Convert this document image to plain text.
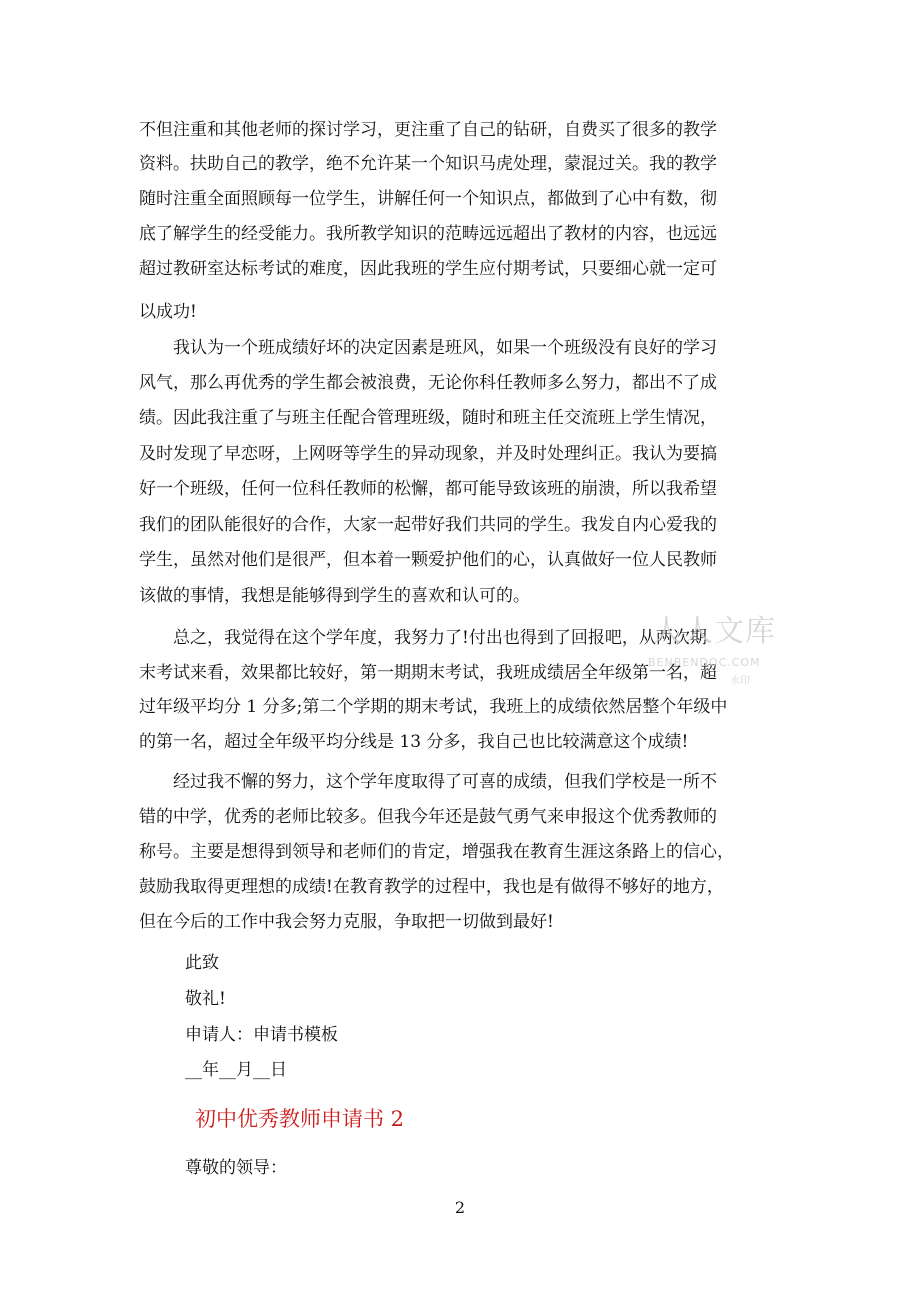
不但注重和其他老师的探讨学习，更注重了自己的钻研，自费买了很多的教学
资料。扶助自己的教学，绝不允许某一个知识马虎处理，蒙混过关。我的教学
随时注重全面照顾每一位学生，讲解任何一个知识点，都做到了心中有数，彻
底了解学生的经受能力。我所教学知识的范畴远远超出了教材的内容，也远远
超过教研室达标考试的难度，因此我班的学生应付期考试，只要细心就一定可
以成功!
　　我认为一个班成绩好坏的决定因素是班风，如果一个班级没有良好的学习
风气，那么再优秀的学生都会被浪费，无论你科任教师多么努力，都出不了成
绩。因此我注重了与班主任配合管理班级，随时和班主任交流班上学生情况，
及时发现了早恋呀，上网呀等学生的异动现象，并及时处理纠正。我认为要搞
好一个班级，任何一位科任教师的松懈，都可能导致该班的崩溃，所以我希望
我们的团队能很好的合作，大家一起带好我们共同的学生。我发自内心爱我的
学生，虽然对他们是很严，但本着一颗爱护他们的心，认真做好一位人民教师
该做的事情，我想是能够得到学生的喜欢和认可的。
　　总之，我觉得在这个学年度，我努力了!付出也得到了回报吧，从两次期
末考试来看，效果都比较好，第一期期末考试，我班成绩居全年级第一名，超
过年级平均分 1 分多;第二个学期的期末考试，我班上的成绩依然居整个年级中
的第一名，超过全年级平均分线是 13 分多，我自己也比较满意这个成绩!
　　经过我不懈的努力，这个学年度取得了可喜的成绩，但我们学校是一所不
错的中学，优秀的老师比较多。但我今年还是鼓气勇气来申报这个优秀教师的
称号。主要是想得到领导和老师们的肯定，增强我在教育生涯这条路上的信心，
鼓励我取得更理想的成绩!在教育教学的过程中，我也是有做得不够好的地方，
但在今后的工作中我会努力克服，争取把一切做到最好!
　　此致
　　敬礼!
　　申请人：申请书模板
　　__年__月__日
初中优秀教师申请书 2
　　尊敬的领导：
2
人人文库
BENBENDOC.COM
水印
